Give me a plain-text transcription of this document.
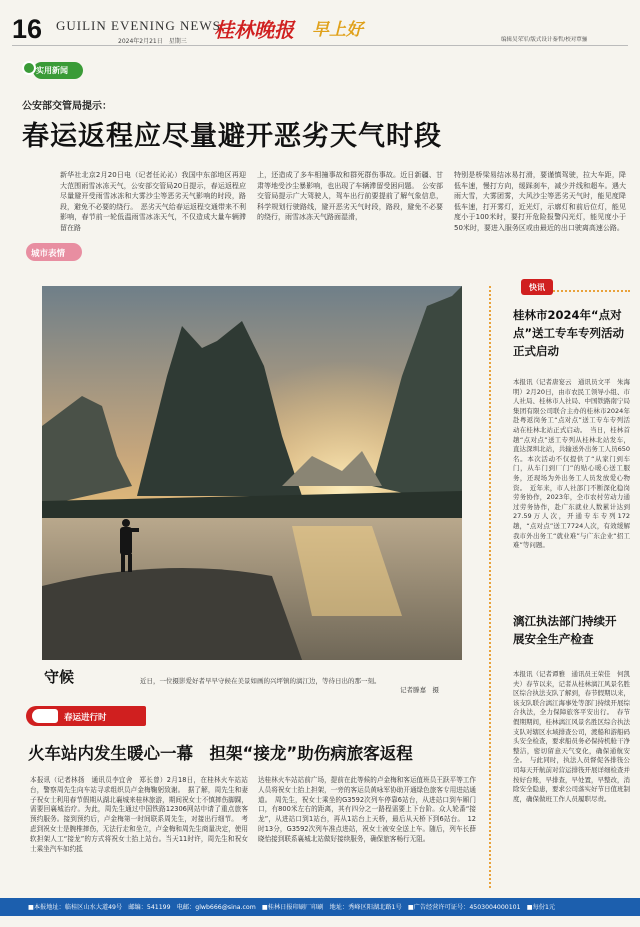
16 GUILIN EVENING NEWS
2024年2月21日　星期三 桂林晚报 早上好	编辑吴荣军/版式设计秦哲/校对覃骊
实用新闻
公安部交管局提示：
春运返程应尽量避开恶劣天气时段
新华社北京2月20日电（记者任沁沁）我国中东部地区再迎大范围雨雪冰冻天气，公安部交管局20日提示，春运返程应尽量避开受雨雪冰冻和大雾沙尘等恶劣天气影响的时段，路段，避免不必要的绕行。　恶劣天气给春运返程交通带来不利影响，春节前一轮低温雨雪冰冻天气，不仅造成大量车辆滞留在路
上，还造成了多车相撞事故和群死群伤事故。近日新疆、甘肃等地受沙尘暴影响，也出现了车辆滞留受困问题。　公安部交管局提示广大驾驶人，驾车出行前要提前了解气象信息，科学规划行驶路线，避开恶劣天气时段，路段，避免不必要的绕行，雨雪冰冻天气路面湿滑，
特别是桥梁易结冰易打滑，要谨慎驾驶，拉大车距，降低车速，慢打方向，缓踩刹车，减少并线和超车。遇大雨大雪，大雾团雾，大风沙尘等恶劣天气时，能见度降低车速，打开雾灯，近光灯，示廓灯和前后位灯，能见度小于100米时，要打开危险报警闪光灯，能见度小于50米时，要进入服务区或由最近的出口驶离高速公路。
城市表情
守候	近日，一位摄影爱好者早早守候在美景如画的兴坪镇的漓江边，等待日出的那一刻。
记者滕嘉　摄
快讯
桂林市2024年“点对点”送工专车专列活动正式启动
本报讯（记者唐宴云　通讯员文平　朱海明）2月20日，由市农民工领导小组、市人社局、桂林市人社局、中国铁路南宁局集团有限公司联合主办的桂林市2024年赴粤返岗务工“点对点”送工专车专列活动在桂林北站正式启动。　当日，桂林首趟“点对点”送工专列从桂林北站发车，直达深圳北站，共输送外出务工人员650名。本次活动不仅提供了“从家门到车门，从车门到厂门”的贴心暖心送工服务，还现场为外出务工人员发放爱心物资。　近年来，市人社部门不断深化稳岗劳务协作，2023年，全市农村劳动力通过劳务协作，赴广东就业人数累计达到27.59万人次，开通专车专列172趟，“点对点”送工7724人次，有效缓解我市外出务工“就业难”与广东企业“招工难”等问题。
漓江执法部门持续开展安全生产检查
本报讯（记者谭雅　通讯员王荣佳　何凯夫）春节以来，记者从桂林漓江风景名胜区综合执法支队了解到，春节假期以来，该支队联合漓江海事处等部门持续开展综合执法，全力保障旅客平安出行。　春节假期期间，桂林漓江风景名胜区综合执法支队对辖区水域排查公司，渡船和游船码头安全检查，要求船员务必保持机舱干净整洁，密切留意天气变化，确保通航安全。　与此同时，执法人员督促各排筏公司每天开航前对营运排筏开展详细检查并按好台账，早排查，早处置，早整改，消除安全隐患，要求公司落实好节日值班制度，确保做班工作人员履职尽责。
春运进行时
火车站内发生暖心一幕　担架“接龙”助伤病旅客返程
本报讯（记者林扬　通讯员李宜舍　郑长曾）2月18日，在桂林火车站站台，警察周先生向车站寻求组织员卢金梅鞠躬致谢。　据了解，周先生和妻子祝女士利用春节假期从湖北襄城来桂林旅游，期间祝女士不慎摔伤脚踝，需要回襄城治疗。为此，周先生通过中国铁路12306网站申请了重点旅客预约服务。接到预约后，卢金梅第一时间联系周先生，对接出行细节。　考虑到祝女士是腕椎摔伤，无法行走和坐立，卢金梅和周先生商量决定，使用软担架人工“接龙”的方式将祝女士抬上站台。当天11时许，周先生和祝女士乘坐汽车如约抵
达桂林火车站站前广场，提前在此等候的卢金梅和客运值班员王跃平等工作人员将祝女士抬上担架，一旁的客运员黄咏军协助开通绿色旅客专用进站通道。　周先生，祝女士乘坐的G3592次列车停靠6站台，从进站口到车厢门口，有800米左右的距离，其有四分之一路程需要上下台阶。众人轮番“接龙”，从进站口到1站台，再从1站台上天桥，最后从天桥下到6站台。　12时13分，G3592次列车准点进站，祝女士被安全送上车。随后，列车长薛晓怡接到联系襄城北站做好接续服务，确保旅客畅行无阻。
■本报地址：临桂区山水大道49号　邮编：541199　电邮：glwb666@sina.com　■桂林日报印刷厂印刷　地址：秀峰区阳湖北路1号　■广告经营许可证号：4503004000101　■每份1元
